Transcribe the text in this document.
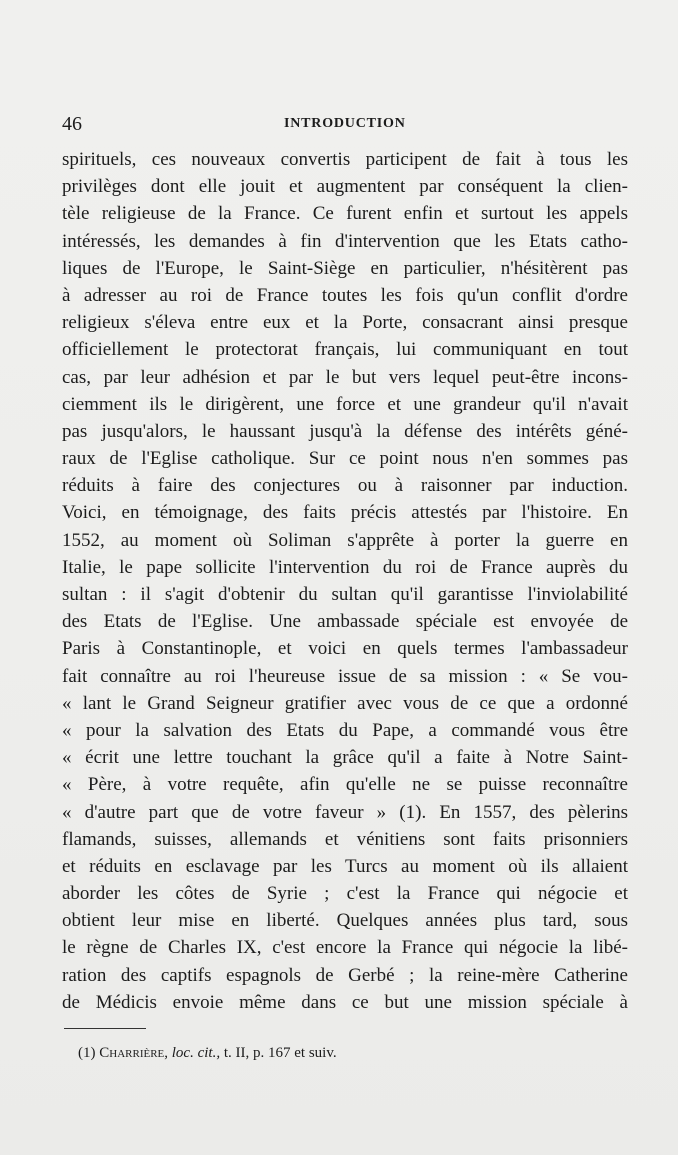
46	INTRODUCTION
spirituels, ces nouveaux convertis participent de fait à tous les
privilèges dont elle jouit et augmentent par conséquent la clien-
tèle religieuse de la France. Ce furent enfin et surtout les appels
intéressés, les demandes à fin d'intervention que les Etats catho-
liques de l'Europe, le Saint-Siège en particulier, n'hésitèrent pas
à adresser au roi de France toutes les fois qu'un conflit d'ordre
religieux s'éleva entre eux et la Porte, consacrant ainsi presque
officiellement le protectorat français, lui communiquant en tout
cas, par leur adhésion et par le but vers lequel peut-être incons-
ciemment ils le dirigèrent, une force et une grandeur qu'il n'avait
pas jusqu'alors, le haussant jusqu'à la défense des intérêts géné-
raux de l'Eglise catholique. Sur ce point nous n'en sommes pas
réduits à faire des conjectures ou à raisonner par induction.
Voici, en témoignage, des faits précis attestés par l'histoire. En
1552, au moment où Soliman s'apprête à porter la guerre en
Italie, le pape sollicite l'intervention du roi de France auprès du
sultan : il s'agit d'obtenir du sultan qu'il garantisse l'inviolabilité
des Etats de l'Eglise. Une ambassade spéciale est envoyée de
Paris à Constantinople, et voici en quels termes l'ambassadeur
fait connaître au roi l'heureuse issue de sa mission : « Se vou-
« lant le Grand Seigneur gratifier avec vous de ce que a ordonné
« pour la salvation des Etats du Pape, a commandé vous être
« écrit une lettre touchant la grâce qu'il a faite à Notre Saint-
« Père, à votre requête, afin qu'elle ne se puisse reconnaître
« d'autre part que de votre faveur » (1). En 1557, des pèlerins
flamands, suisses, allemands et vénitiens sont faits prisonniers
et réduits en esclavage par les Turcs au moment où ils allaient
aborder les côtes de Syrie ; c'est la France qui négocie et
obtient leur mise en liberté. Quelques années plus tard, sous
le règne de Charles IX, c'est encore la France qui négocie la libé-
ration des captifs espagnols de Gerbé ; la reine-mère Catherine
de Médicis envoie même dans ce but une mission spéciale à
(1) Charrière, loc. cit., t. II, p. 167 et suiv.
